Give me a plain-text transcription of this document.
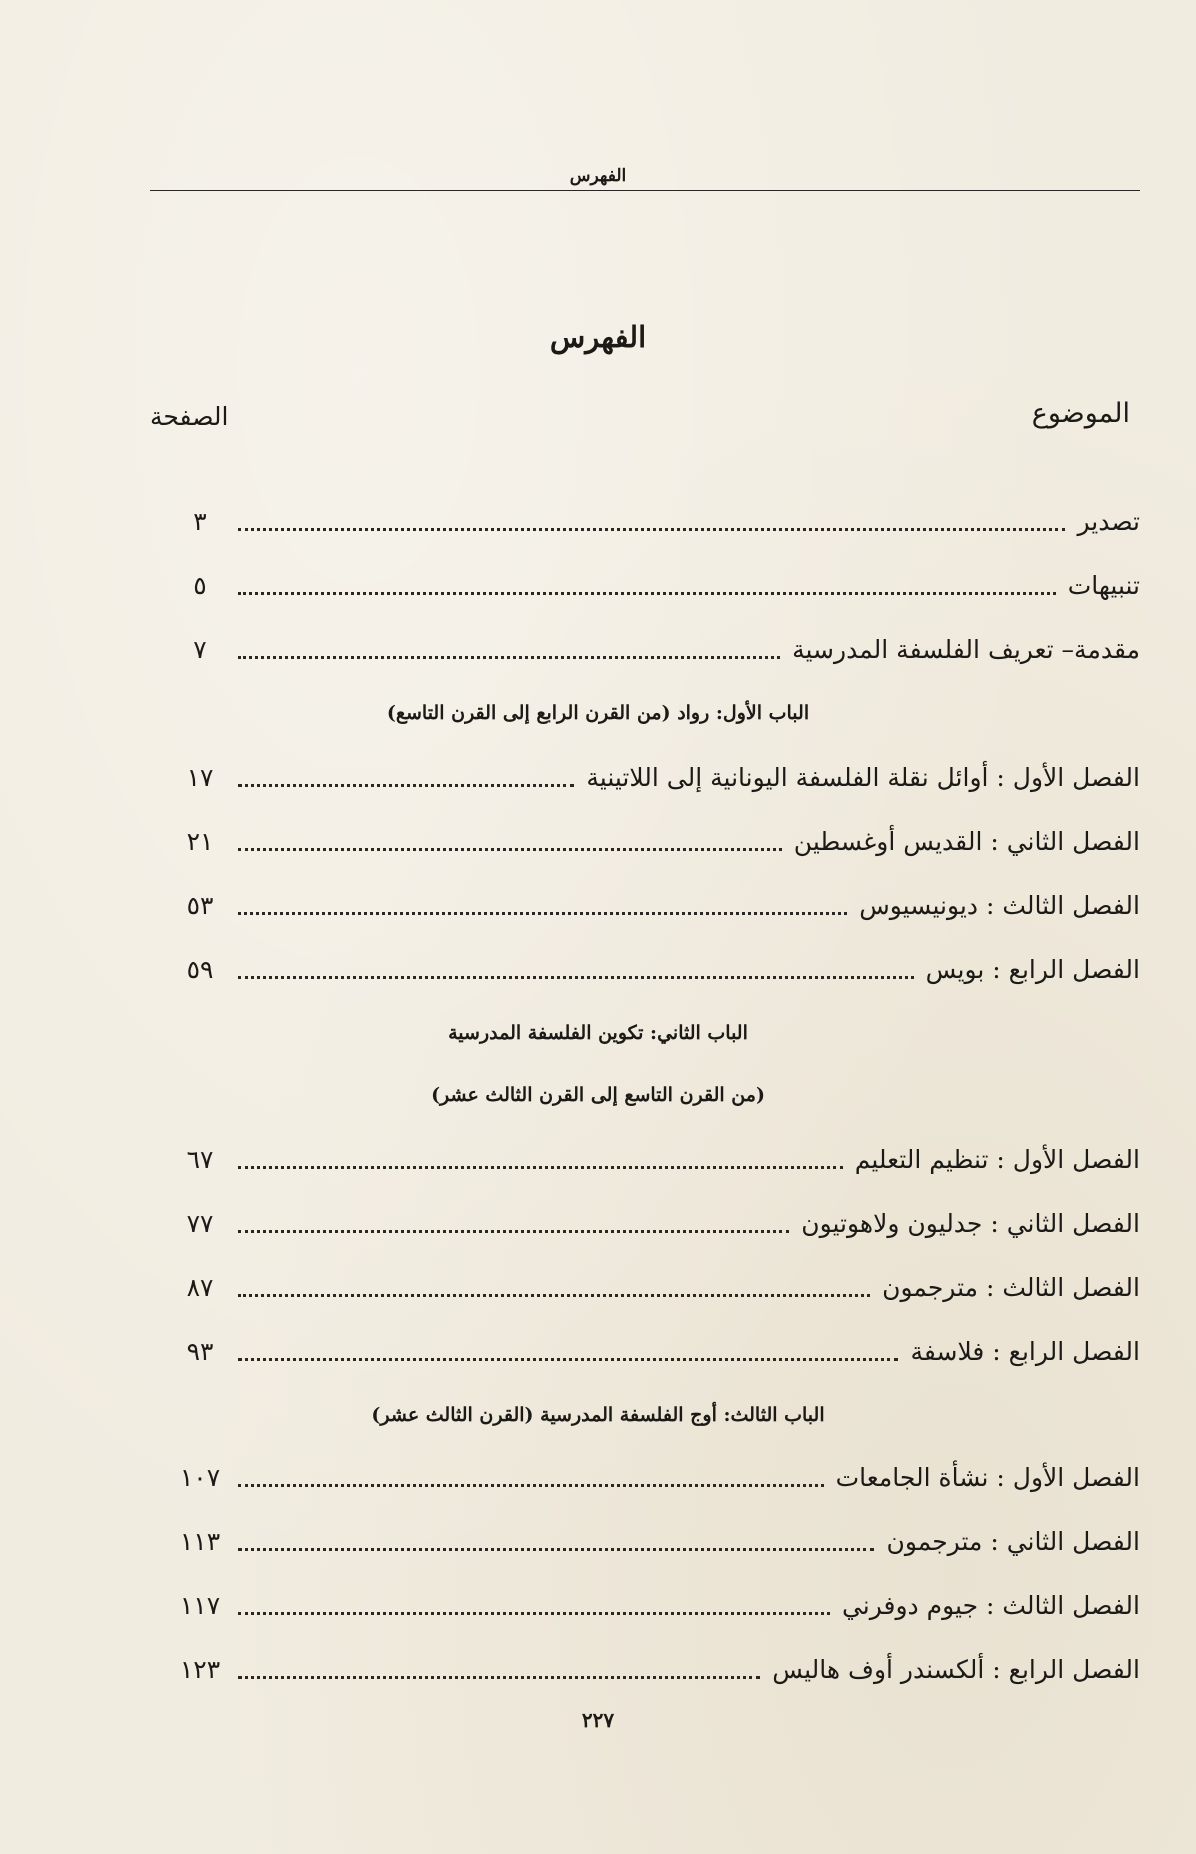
الفهرس
الفهرس
الموضوع
الصفحة
تصدير
٣
تنبيهات
٥
مقدمة– تعريف الفلسفة المدرسية
٧
الباب الأول: رواد (من القرن الرابع إلى القرن التاسع)
الفصل الأول : أوائل نقلة الفلسفة اليونانية إلى اللاتينية
١٧
الفصل الثاني : القديس أوغسطين
٢١
الفصل الثالث : ديونيسيوس
٥٣
الفصل الرابع : بويس
٥٩
الباب الثاني: تكوين الفلسفة المدرسية
(من القرن التاسع إلى القرن الثالث عشر)
الفصل الأول : تنظيم التعليم
٦٧
الفصل الثاني : جدليون ولاهوتيون
٧٧
الفصل الثالث : مترجمون
٨٧
الفصل الرابع : فلاسفة
٩٣
الباب الثالث: أوج الفلسفة المدرسية (القرن الثالث عشر)
الفصل الأول : نشأة الجامعات
١٠٧
الفصل الثاني : مترجمون
١١٣
الفصل الثالث : جيوم دوفرني
١١٧
الفصل الرابع : ألكسندر أوف هاليس
١٢٣
٢٢٧
